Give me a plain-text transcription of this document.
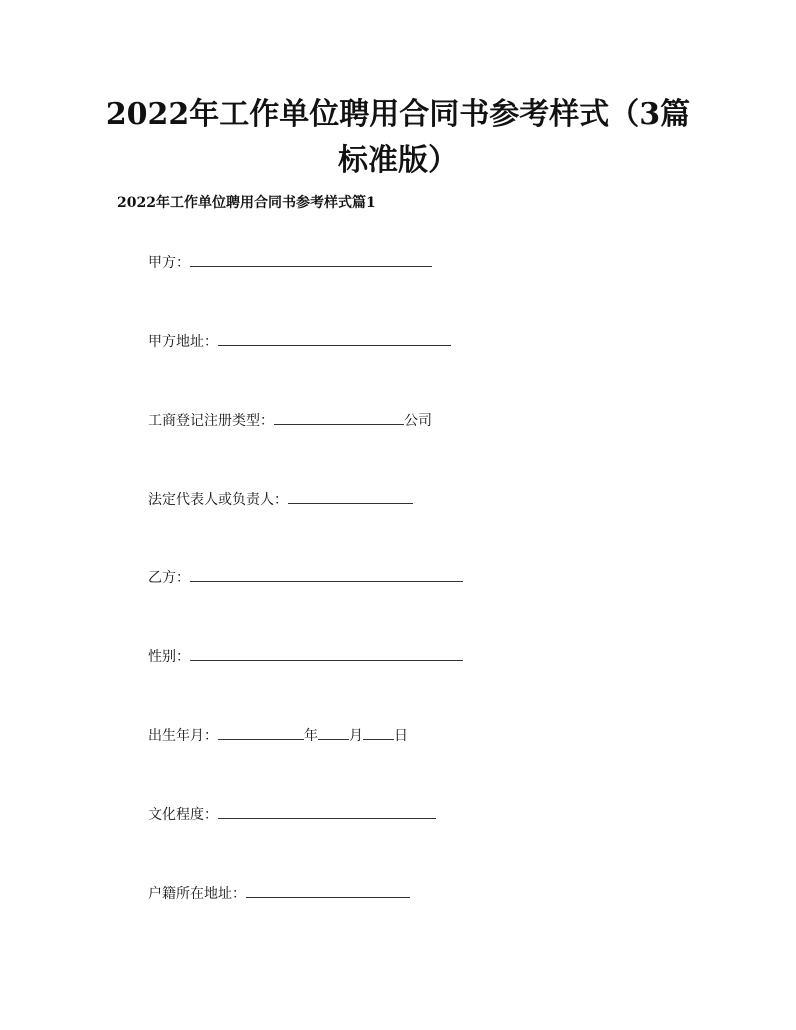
2022年工作单位聘用合同书参考样式（3篇
标准版）
2022年工作单位聘用合同书参考样式篇1
甲方：
甲方地址：
工商登记注册类型：	公司
法定代表人或负责人：
乙方：
性别：
出生年月：	年 月 日
文化程度：
户籍所在地址：
